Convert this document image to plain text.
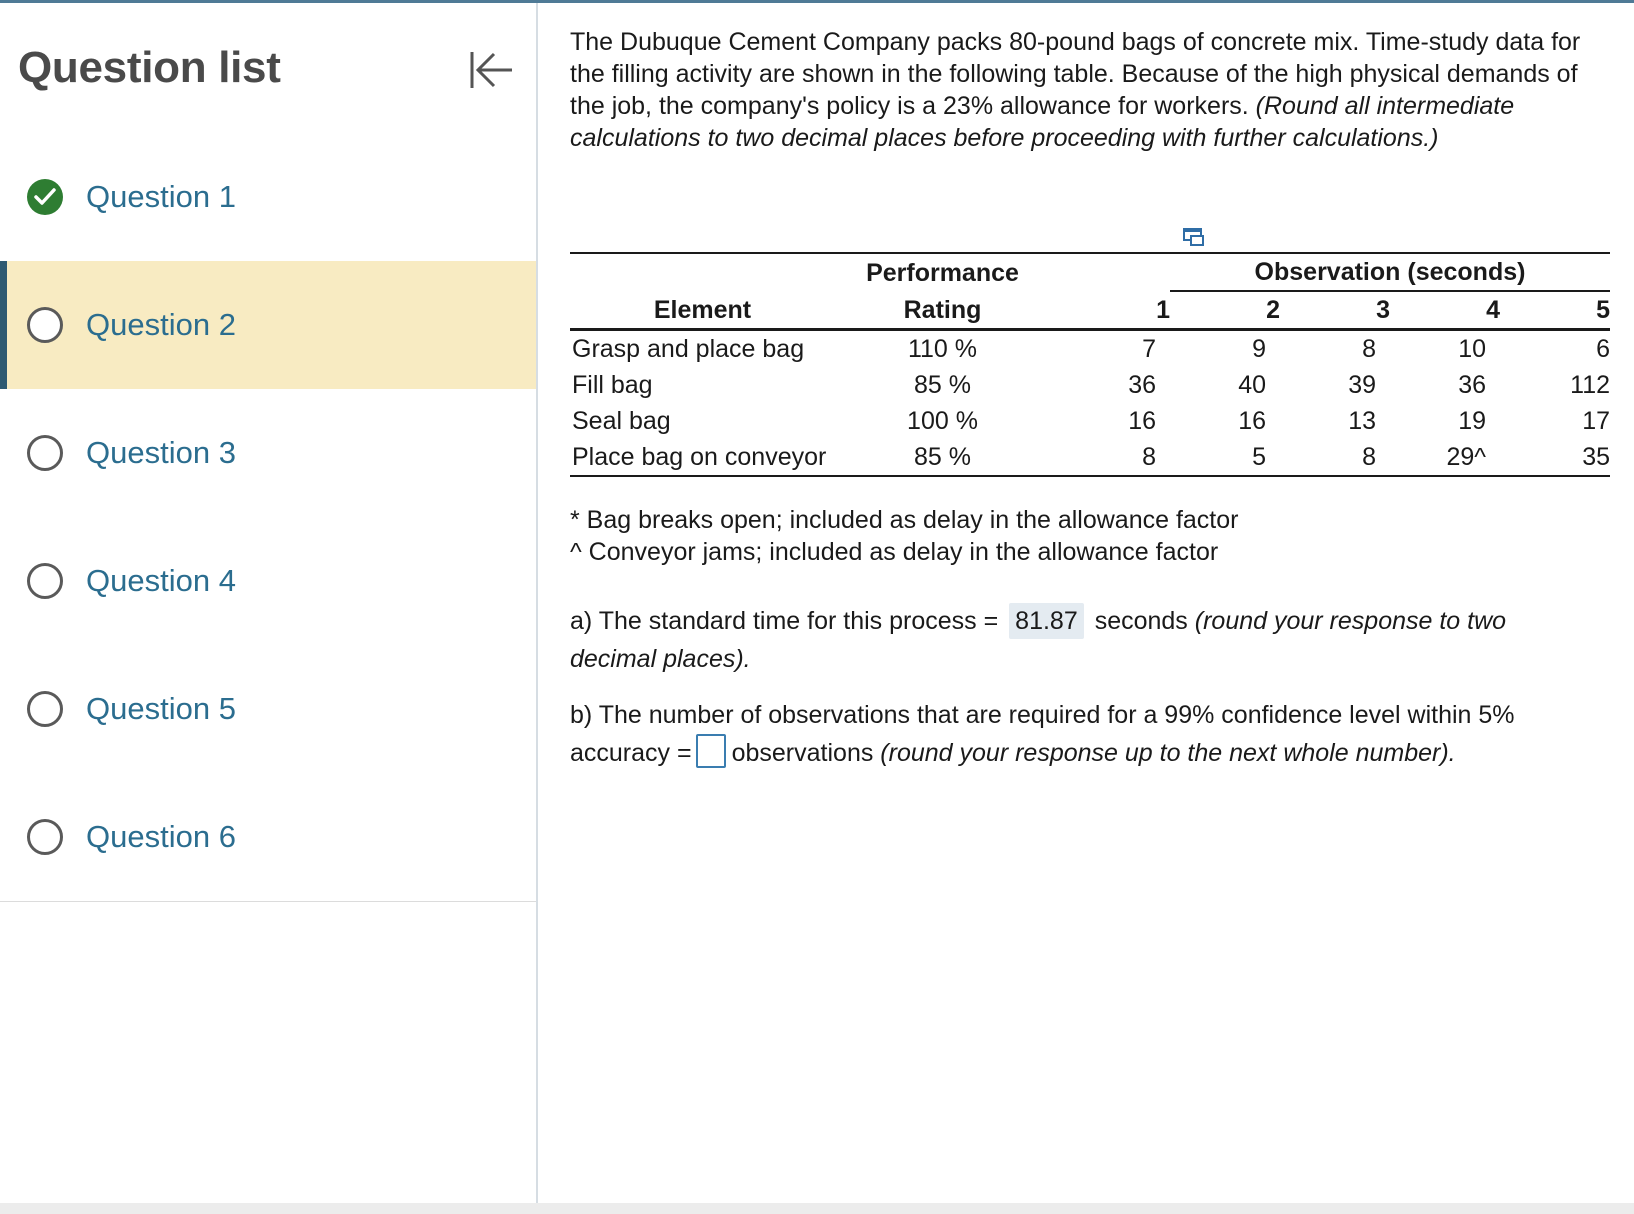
Question list
Question 1
Question 2
Question 3
Question 4
Question 5
Question 6

The Dubuque Cement Company packs 80-pound bags of concrete mix. Time-study data for the filling activity are shown in the following table. Because of the high physical demands of the job, the company's policy is a 23% allowance for workers. (Round all intermediate calculations to two decimal places before proceeding with further calculations.)

	Performance		Observation (seconds)			
Element	Rating	1	2	3	4	5
Grasp and place bag	110 %	7	9	8	10	6
Fill bag	85 %	36	40	39	36	112
Seal bag	100 %	16	16	13	19	17
Place bag on conveyor	85 %	8	5	8	29^	35
* Bag breaks open; included as delay in the allowance factor
^ Conveyor jams; included as delay in the allowance factor
a) The standard time for this process = 81.87 seconds (round your response to two
decimal places).
b) The number of observations that are required for a 99% confidence level within 5%
accuracy = observations (round your response up to the next whole number).
